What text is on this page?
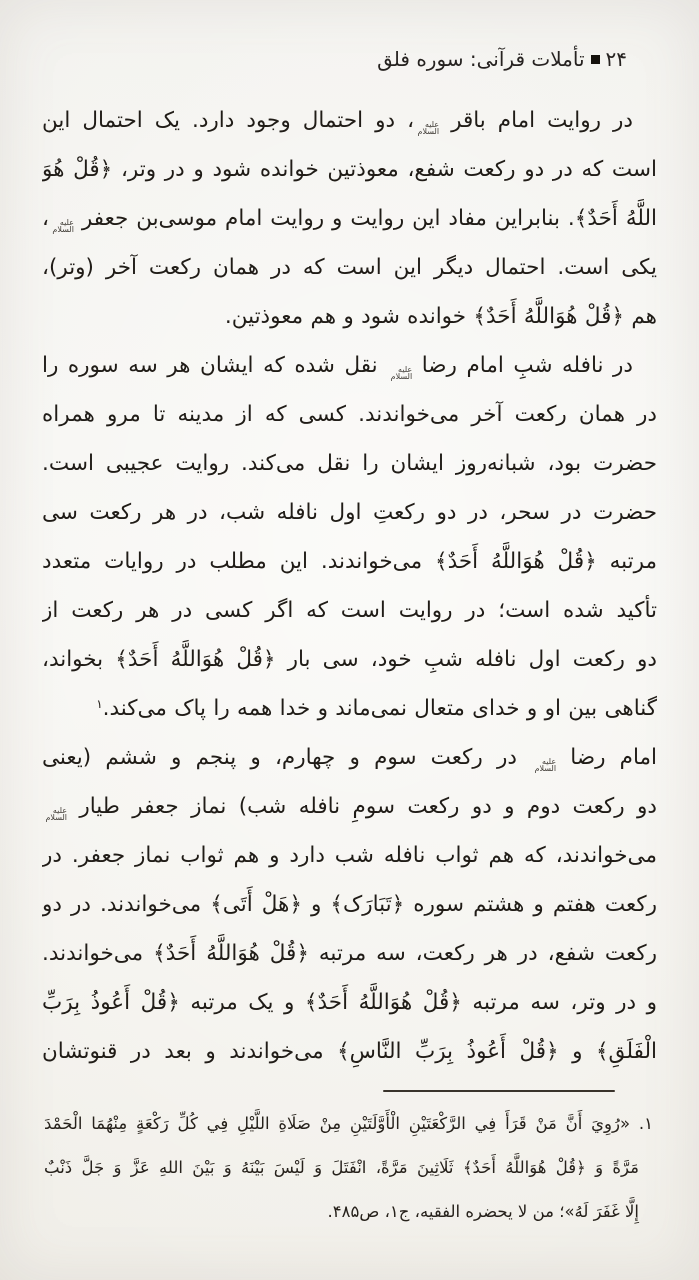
۲۴تأملات قرآنی: سوره فلق
در روایت امام باقر
علیه
السلام
، دو احتمال وجود دارد. یک احتمال این
است که در دو رکعت شفع، معوذتین خوانده شود و در وتر، ﴿قُلْ هُوَ
اللَّهُ أَحَدٌ﴾. بنابراین مفاد این روایت و روایت امام موسی‌بن جعفر
علیه
السلام
،
یکی است. احتمال دیگر این است که در همان رکعت آخر (وتر)،
هم ﴿قُلْ هُوَاللَّهُ أَحَدٌ﴾ خوانده شود و هم معوذتین.
در نافله شبِ امام رضا
علیه
السلام
نقل شده که ایشان هر سه سوره را
در همان رکعت آخر می‌خواندند. کسی که از مدینه تا مرو همراه
حضرت بود، شبانه‌روز ایشان را نقل می‌کند. روایت عجیبی است.
حضرت در سحر، در دو رکعتِ اول نافله شب، در هر رکعت سی
مرتبه ﴿قُلْ هُوَاللَّهُ أَحَدٌ﴾ می‌خواندند. این مطلب در روایات متعدد
تأکید شده است؛ در روایت است که اگر کسی در هر رکعت از
دو رکعت اول نافله شبِ خود، سی بار ﴿قُلْ هُوَاللَّهُ أَحَدٌ﴾ بخواند،
گناهی بین او و خدای متعال نمی‌ماند و خدا همه را پاک می‌کند.$^۱$
امام رضا
علیه
السلام
در رکعت سوم و چهارم، و پنجم و ششم (یعنی
دو رکعت دوم و دو رکعت سومِ نافله شب) نماز جعفر طیار
علیه
السلام
می‌خواندند، که هم ثواب نافله شب دارد و هم ثواب نماز جعفر. در
رکعت هفتم و هشتم سوره ﴿تَبَارَک﴾ و ﴿هَلْ أَتَى﴾ می‌خواندند. در دو
رکعت شفع، در هر رکعت، سه مرتبه ﴿قُلْ هُوَاللَّهُ أَحَدٌ﴾ می‌خواندند.
و در وتر، سه مرتبه ﴿قُلْ هُوَاللَّهُ أَحَدٌ﴾ و یک مرتبه ﴿قُلْ أَعُوذُ بِرَبِّ
الْفَلَقِ﴾ و ﴿قُلْ أَعُوذُ بِرَبِّ النَّاسِ﴾ می‌خواندند و بعد در قنوتشان
۱. «رُوِيَ أَنَّ مَنْ قَرَأَ فِي الرَّكْعَتَيْنِ الْأَوَّلَتَيْنِ مِنْ صَلَاةِ اللَّيْلِ فِي كُلِّ رَكْعَةٍ مِنْهُمَا الْحَمْدَ
مَرَّةً وَ ﴿قُلْ هُوَاللَّهُ أَحَدٌ﴾ ثَلَاثِينَ مَرَّةً، انْفَتَلَ وَ لَيْسَ بَيْنَهُ وَ بَيْنَ اللهِ عَزَّ وَ جَلَّ ذَنْبٌ
إِلَّا غَفَرَ لَهُ»؛ من لا یحضره الفقیه، ج۱، ص۴۸۵.
